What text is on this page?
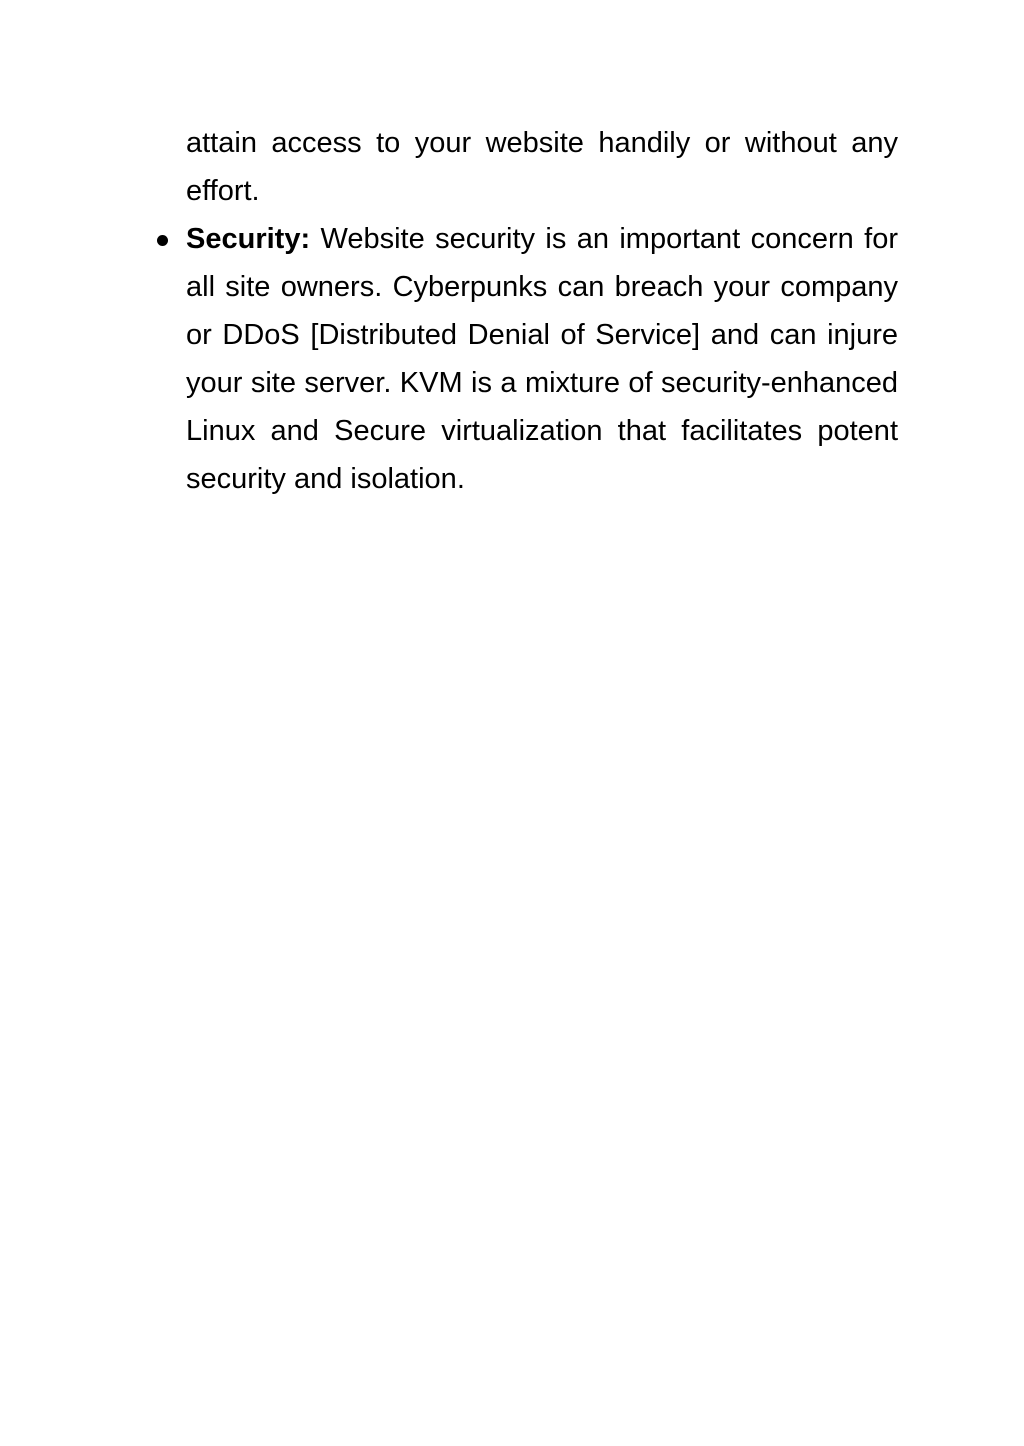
attain access to your website handily or without any effort.

Security: Website security is an important concern for all site owners. Cyberpunks can breach your company or DDoS [Distributed Denial of Service] and can injure your site server. KVM is a mixture of security-enhanced Linux and Secure virtualization that facilitates potent security and isolation.
